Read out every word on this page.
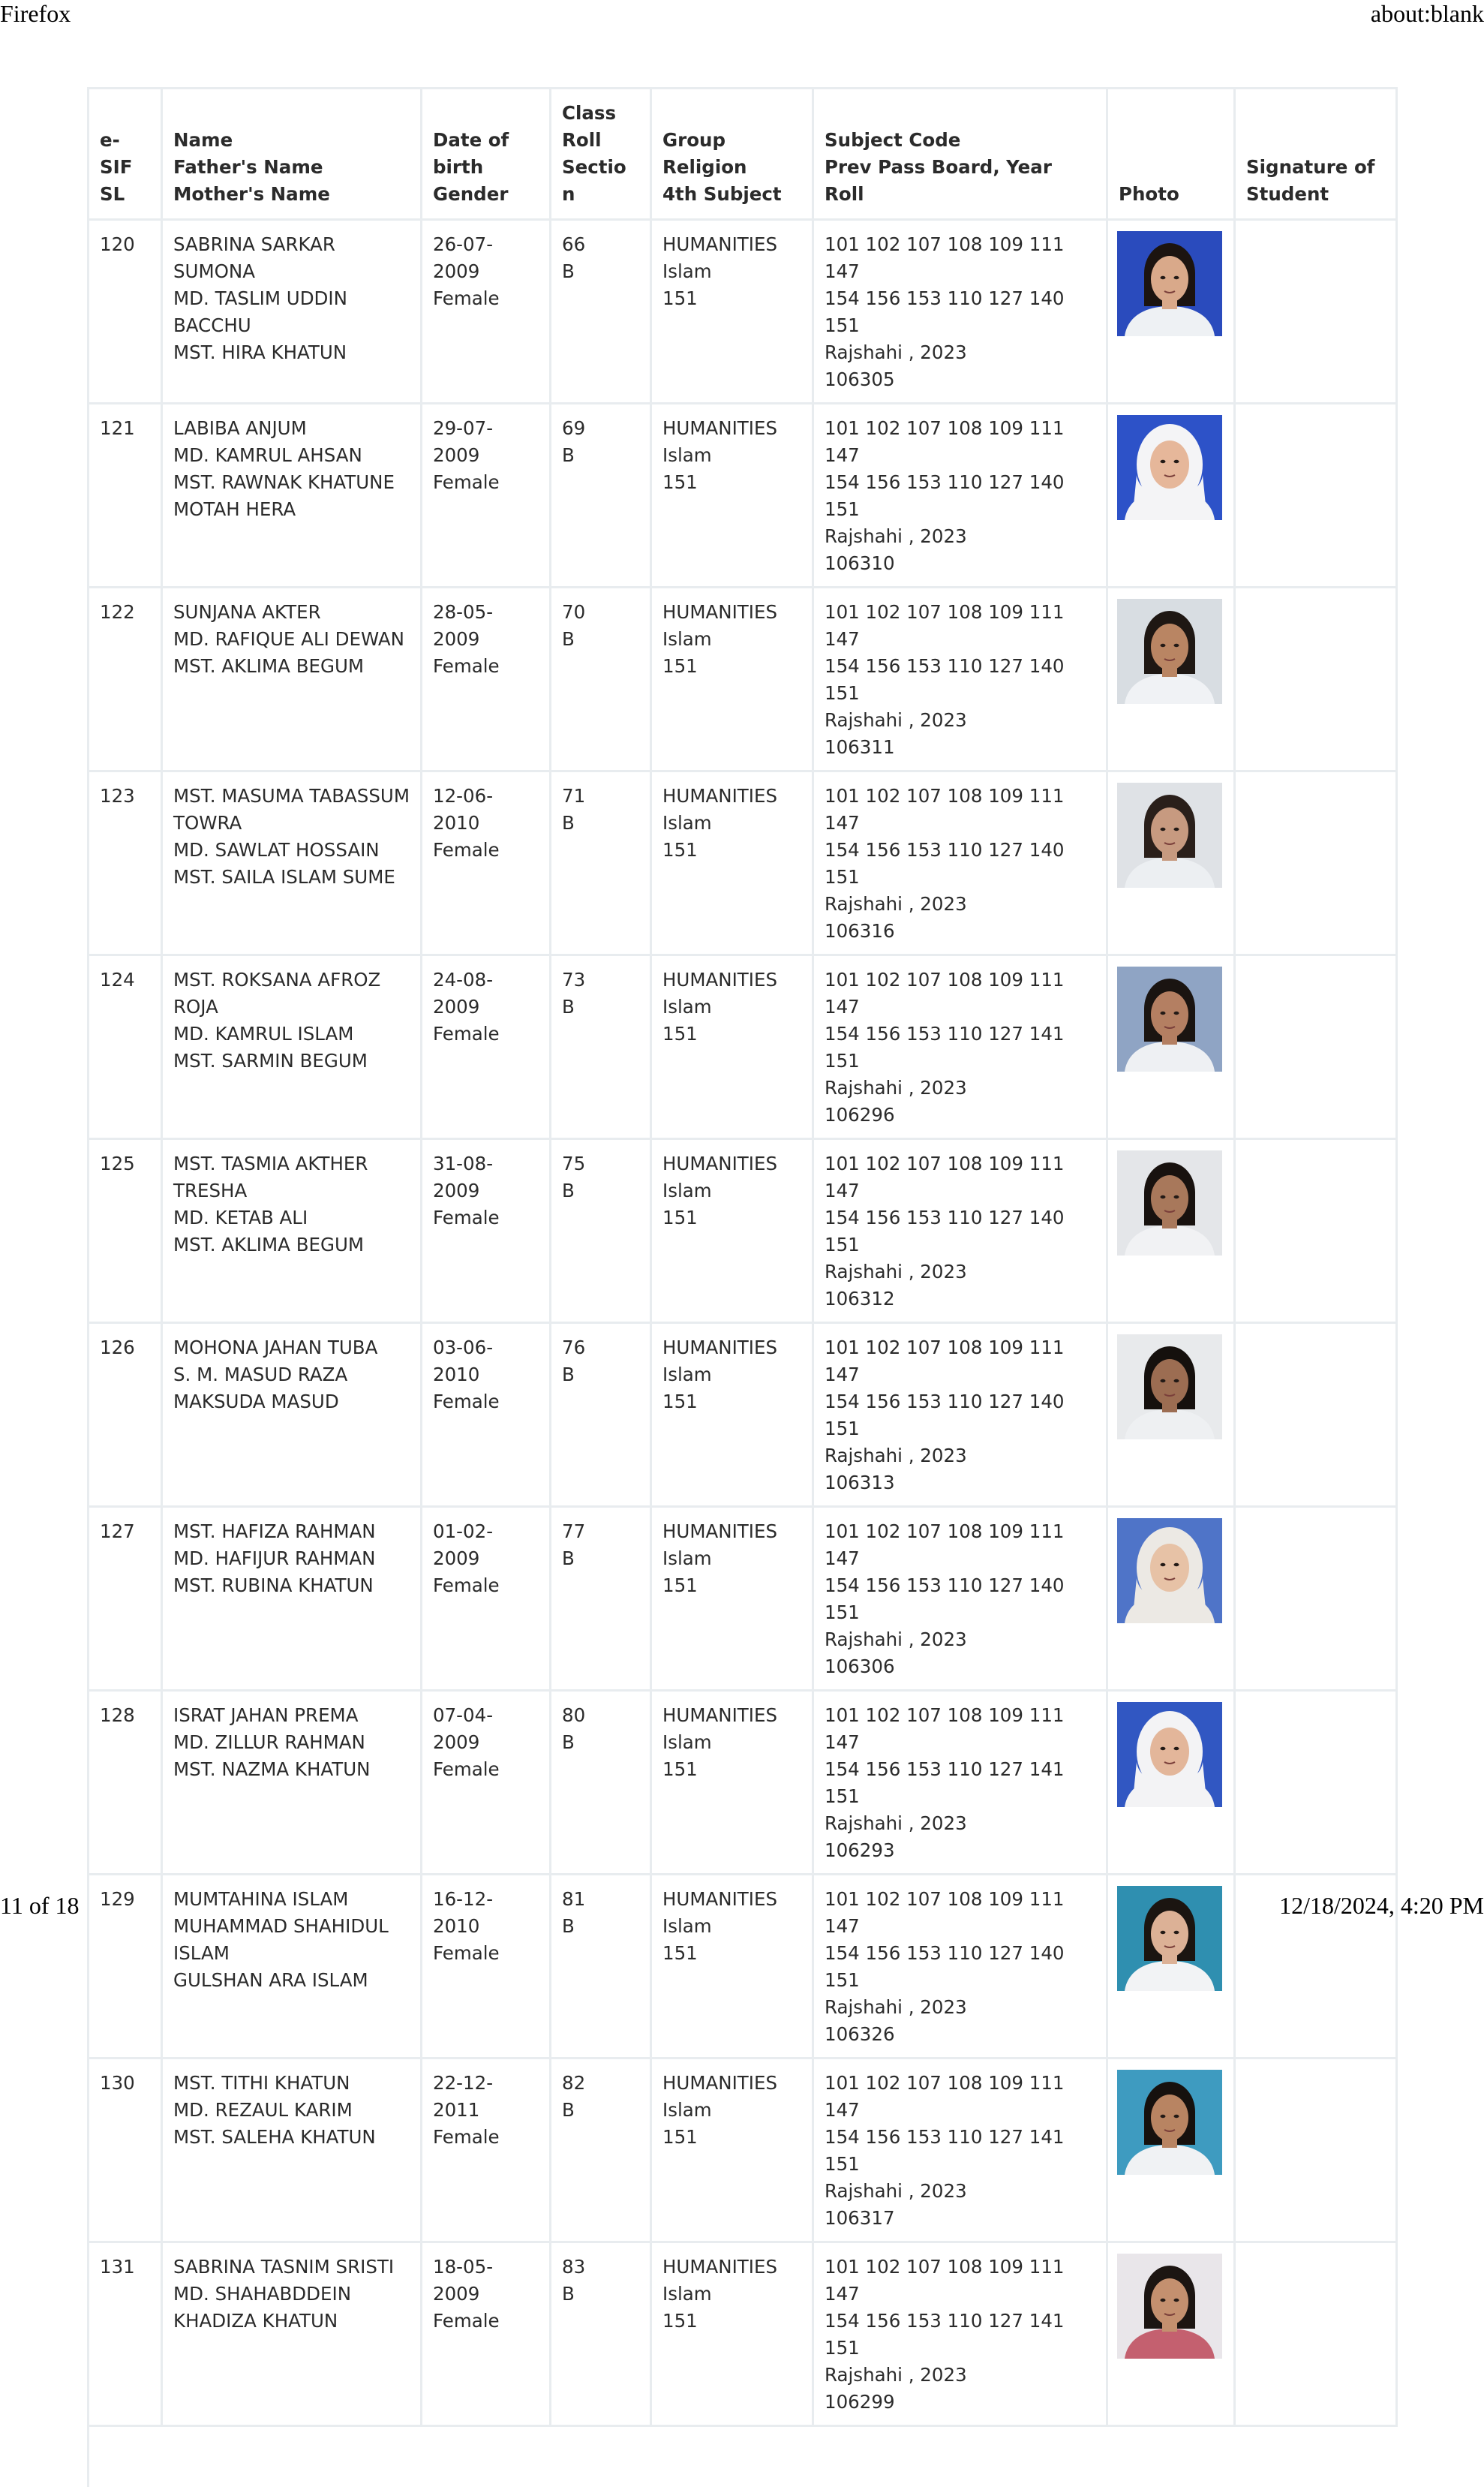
Firefox	about:blank
e-SIF
SL	Name
Father's Name
Mother's Name	Date of
birth
Gender	Class
Roll
Section	Group
Religion
4th Subject	Subject Code
Prev Pass Board, Year
Roll	Photo	Signature of
Student

120	SABRINA SARKAR SUMONA
MD. TASLIM UDDIN BACCHU
MST. HIRA KHATUN	26-07-2009
Female	66
B	HUMANITIES
Islam
151	101 102 107 108 109 111 147
154 156 153 110 127 140 151
Rajshahi , 2023
106305

121	LABIBA ANJUM
MD. KAMRUL AHSAN
MST. RAWNAK KHATUNE MOTAH HERA	29-07-2009
Female	69
B	HUMANITIES
Islam
151	101 102 107 108 109 111 147
154 156 153 110 127 140 151
Rajshahi , 2023
106310

122	SUNJANA AKTER
MD. RAFIQUE ALI DEWAN
MST. AKLIMA BEGUM	28-05-2009
Female	70
B	HUMANITIES
Islam
151	101 102 107 108 109 111 147
154 156 153 110 127 140 151
Rajshahi , 2023
106311

123	MST. MASUMA TABASSUM TOWRA
MD. SAWLAT HOSSAIN
MST. SAILA ISLAM SUME	12-06-2010
Female	71
B	HUMANITIES
Islam
151	101 102 107 108 109 111 147
154 156 153 110 127 140 151
Rajshahi , 2023
106316

124	MST. ROKSANA AFROZ ROJA
MD. KAMRUL ISLAM
MST. SARMIN BEGUM	24-08-2009
Female	73
B	HUMANITIES
Islam
151	101 102 107 108 109 111 147
154 156 153 110 127 141 151
Rajshahi , 2023
106296

125	MST. TASMIA AKTHER TRESHA
MD. KETAB ALI
MST. AKLIMA BEGUM	31-08-2009
Female	75
B	HUMANITIES
Islam
151	101 102 107 108 109 111 147
154 156 153 110 127 140 151
Rajshahi , 2023
106312

126	MOHONA JAHAN TUBA
S. M. MASUD RAZA
MAKSUDA MASUD	03-06-2010
Female	76
B	HUMANITIES
Islam
151	101 102 107 108 109 111 147
154 156 153 110 127 140 151
Rajshahi , 2023
106313

127	MST. HAFIZA RAHMAN
MD. HAFIJUR RAHMAN
MST. RUBINA KHATUN	01-02-2009
Female	77
B	HUMANITIES
Islam
151	101 102 107 108 109 111 147
154 156 153 110 127 140 151
Rajshahi , 2023
106306

128	ISRAT JAHAN PREMA
MD. ZILLUR RAHMAN
MST. NAZMA KHATUN	07-04-2009
Female	80
B	HUMANITIES
Islam
151	101 102 107 108 109 111 147
154 156 153 110 127 141 151
Rajshahi , 2023
106293

129	MUMTAHINA ISLAM
MUHAMMAD SHAHIDUL ISLAM
GULSHAN ARA ISLAM	16-12-2010
Female	81
B	HUMANITIES
Islam
151	101 102 107 108 109 111 147
154 156 153 110 127 140 151
Rajshahi , 2023
106326

130	MST. TITHI KHATUN
MD. REZAUL KARIM
MST. SALEHA KHATUN	22-12-2011
Female	82
B	HUMANITIES
Islam
151	101 102 107 108 109 111 147
154 156 153 110 127 141 151
Rajshahi , 2023
106317

131	SABRINA TASNIM SRISTI
MD. SHAHABDDEIN
KHADIZA KHATUN	18-05-2009
Female	83
B	HUMANITIES
Islam
151	101 102 107 108 109 111 147
154 156 153 110 127 141 151
Rajshahi , 2023
106299

11 of 18	12/18/2024, 4:20 PM
